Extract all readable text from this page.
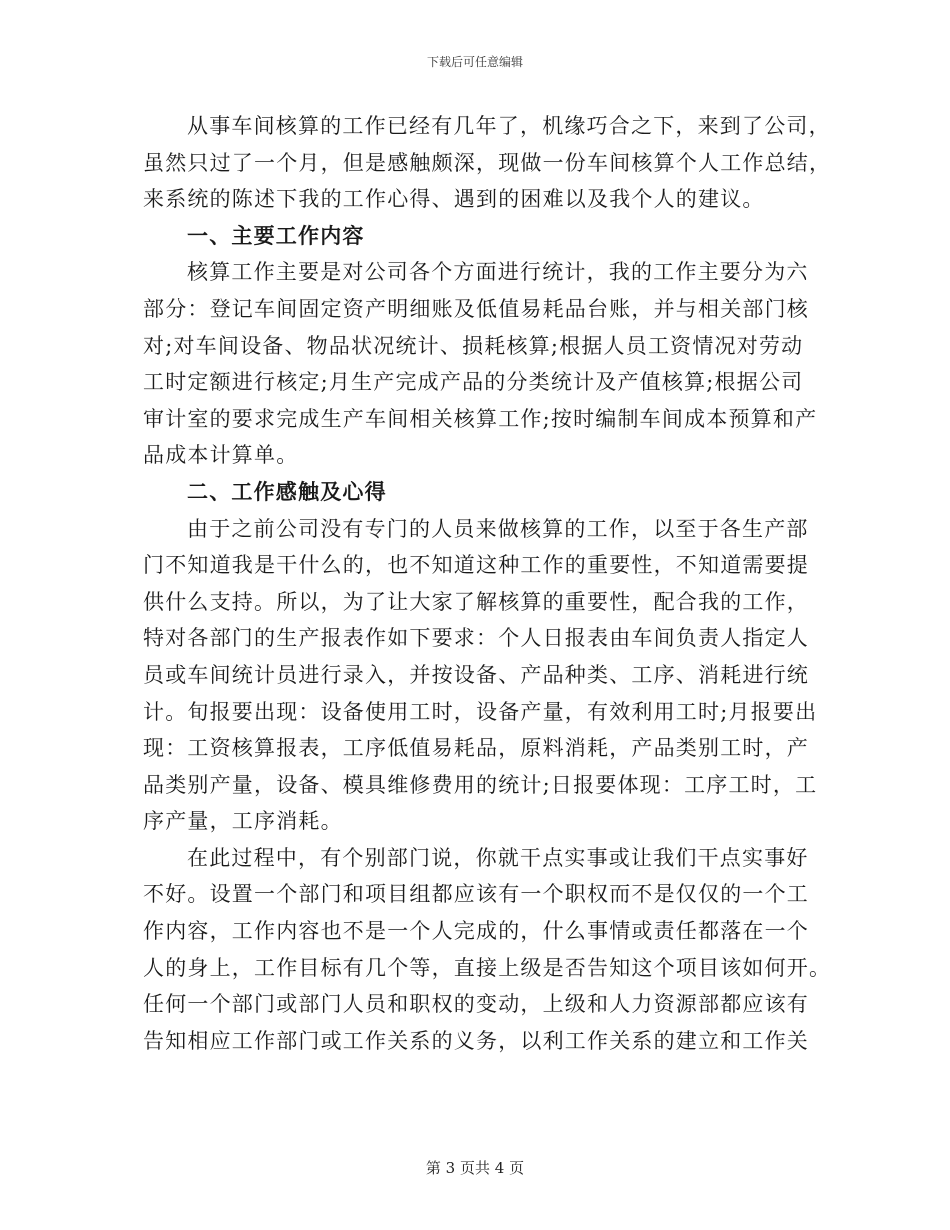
下载后可任意编辑
从事车间核算的工作已经有几年了，机缘巧合之下，来到了公司，
虽然只过了一个月，但是感触颇深，现做一份车间核算个人工作总结，
来系统的陈述下我的工作心得、遇到的困难以及我个人的建议。
一、主要工作内容
核算工作主要是对公司各个方面进行统计，我的工作主要分为六
部分：登记车间固定资产明细账及低值易耗品台账，并与相关部门核
对;对车间设备、物品状况统计、损耗核算;根据人员工资情况对劳动
工时定额进行核定;月生产完成产品的分类统计及产值核算;根据公司
审计室的要求完成生产车间相关核算工作;按时编制车间成本预算和产
品成本计算单。
二、工作感触及心得
由于之前公司没有专门的人员来做核算的工作，以至于各生产部
门不知道我是干什么的，也不知道这种工作的重要性，不知道需要提
供什么支持。所以，为了让大家了解核算的重要性，配合我的工作，
特对各部门的生产报表作如下要求：个人日报表由车间负责人指定人
员或车间统计员进行录入，并按设备、产品种类、工序、消耗进行统
计。旬报要出现：设备使用工时，设备产量，有效利用工时;月报要出
现：工资核算报表，工序低值易耗品，原料消耗，产品类别工时，产
品类别产量，设备、模具维修费用的统计;日报要体现：工序工时，工
序产量，工序消耗。
在此过程中，有个别部门说，你就干点实事或让我们干点实事好
不好。设置一个部门和项目组都应该有一个职权而不是仅仅的一个工
作内容，工作内容也不是一个人完成的，什么事情或责任都落在一个
人的身上，工作目标有几个等，直接上级是否告知这个项目该如何开。
任何一个部门或部门人员和职权的变动，上级和人力资源部都应该有
告知相应工作部门或工作关系的义务，以利工作关系的建立和工作关
第 3 页共 4 页
